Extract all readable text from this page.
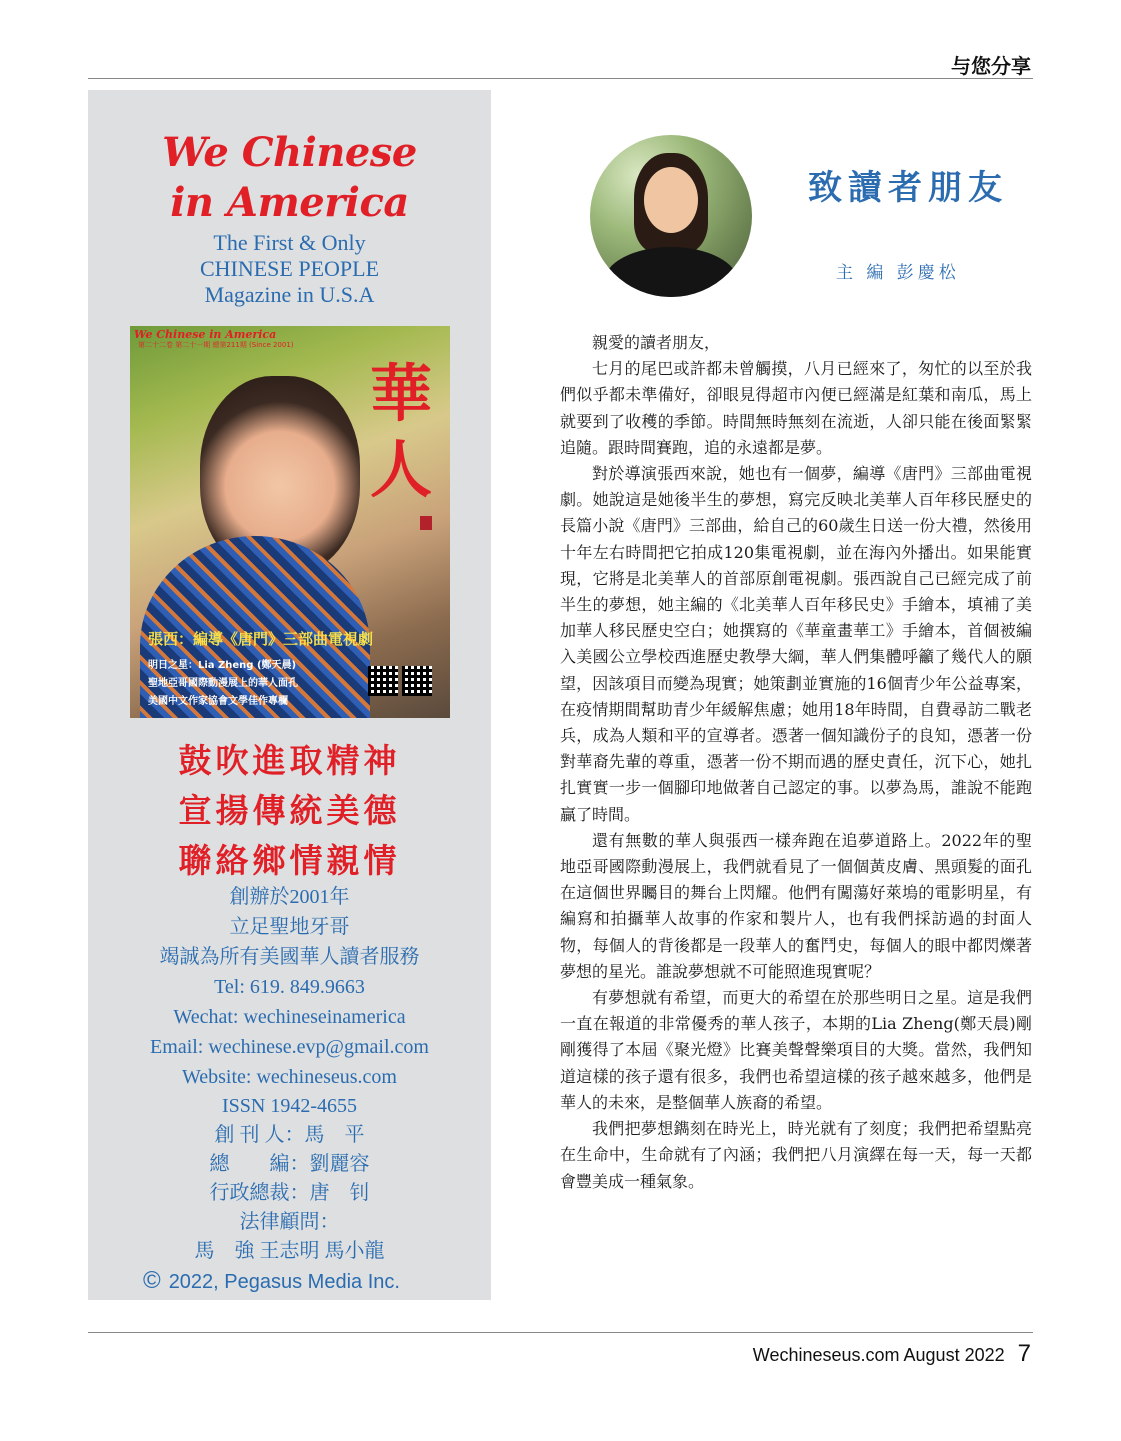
与您分享
We Chinese
in America
The First & Only
CHINESE PEOPLE
Magazine in U.S.A
We Chinese in America
第二十二卷 第二十一期 總第211期 (Since 2001)
華人
張西：編導《唐門》三部曲電視劇
明日之星：Lia Zheng (鄭天晨)
聖地亞哥國際動漫展上的華人面孔
美國中文作家協會文學佳作專欄
鼓吹進取精神
宣揚傳統美德
聯絡鄉情親情
創辦於2001年
立足聖地牙哥
竭誠為所有美國華人讀者服務
Tel: 619. 849.9663
Wechat: wechineseinamerica
Email: wechinese.evp@gmail.com
Website: wechineseus.com
ISSN 1942-4655
創 刊 人：馬　平
總　　編：劉麗容
行政總裁：唐　钊
法律顧問：
馬　強 王志明 馬小龍
© 2022, Pegasus Media Inc.
致讀者朋友
主 編 彭慶松

親愛的讀者朋友，

七月的尾巴或許都未曾觸摸，八月已經來了，匆忙的以至於我們似乎都未準備好，卻眼見得超市內便已經滿是紅葉和南瓜，馬上就要到了收穫的季節。時間無時無刻在流逝，人卻只能在後面緊緊追隨。跟時間賽跑，追的永遠都是夢。

對於導演張西來說，她也有一個夢，編導《唐門》三部曲電視劇。她說這是她後半生的夢想，寫完反映北美華人百年移民歷史的長篇小說《唐門》三部曲，給自己的60歲生日送一份大禮，然後用十年左右時間把它拍成120集電視劇，並在海內外播出。如果能實現，它將是北美華人的首部原創電視劇。張西說自己已經完成了前半生的夢想，她主編的《北美華人百年移民史》手繪本，填補了美加華人移民歷史空白；她撰寫的《華童畫華工》手繪本，首個被編入美國公立學校西進歷史教學大綱，華人們集體呼籲了幾代人的願望，因該項目而變為現實；她策劃並實施的16個青少年公益專案，在疫情期間幫助青少年緩解焦慮；她用18年時間，自費尋訪二戰老兵，成為人類和平的宣導者。憑著一個知識份子的良知，憑著一份對華裔先輩的尊重，憑著一份不期而遇的歷史責任，沉下心，她扎扎實實一步一個腳印地做著自己認定的事。以夢為馬，誰說不能跑贏了時間。

還有無數的華人與張西一樣奔跑在追夢道路上。2022年的聖地亞哥國際動漫展上，我們就看見了一個個黃皮膚、黑頭髮的面孔在這個世界矚目的舞台上閃耀。他們有闖蕩好萊塢的電影明星，有編寫和拍攝華人故事的作家和製片人，也有我們採訪過的封面人物，每個人的背後都是一段華人的奮鬥史，每個人的眼中都閃爍著夢想的星光。誰說夢想就不可能照進現實呢？

有夢想就有希望，而更大的希望在於那些明日之星。這是我們一直在報道的非常優秀的華人孩子，本期的Lia Zheng(鄭天晨)剛剛獲得了本屆《聚光燈》比賽美聲聲樂項目的大獎。當然，我們知道這樣的孩子還有很多，我們也希望這樣的孩子越來越多，他們是華人的未來，是整個華人族裔的希望。

我們把夢想鐫刻在時光上，時光就有了刻度；我們把希望點亮在生命中，生命就有了內涵；我們把八月演繹在每一天，每一天都會豐美成一種氣象。

Wechineseus.com August 2022 7
